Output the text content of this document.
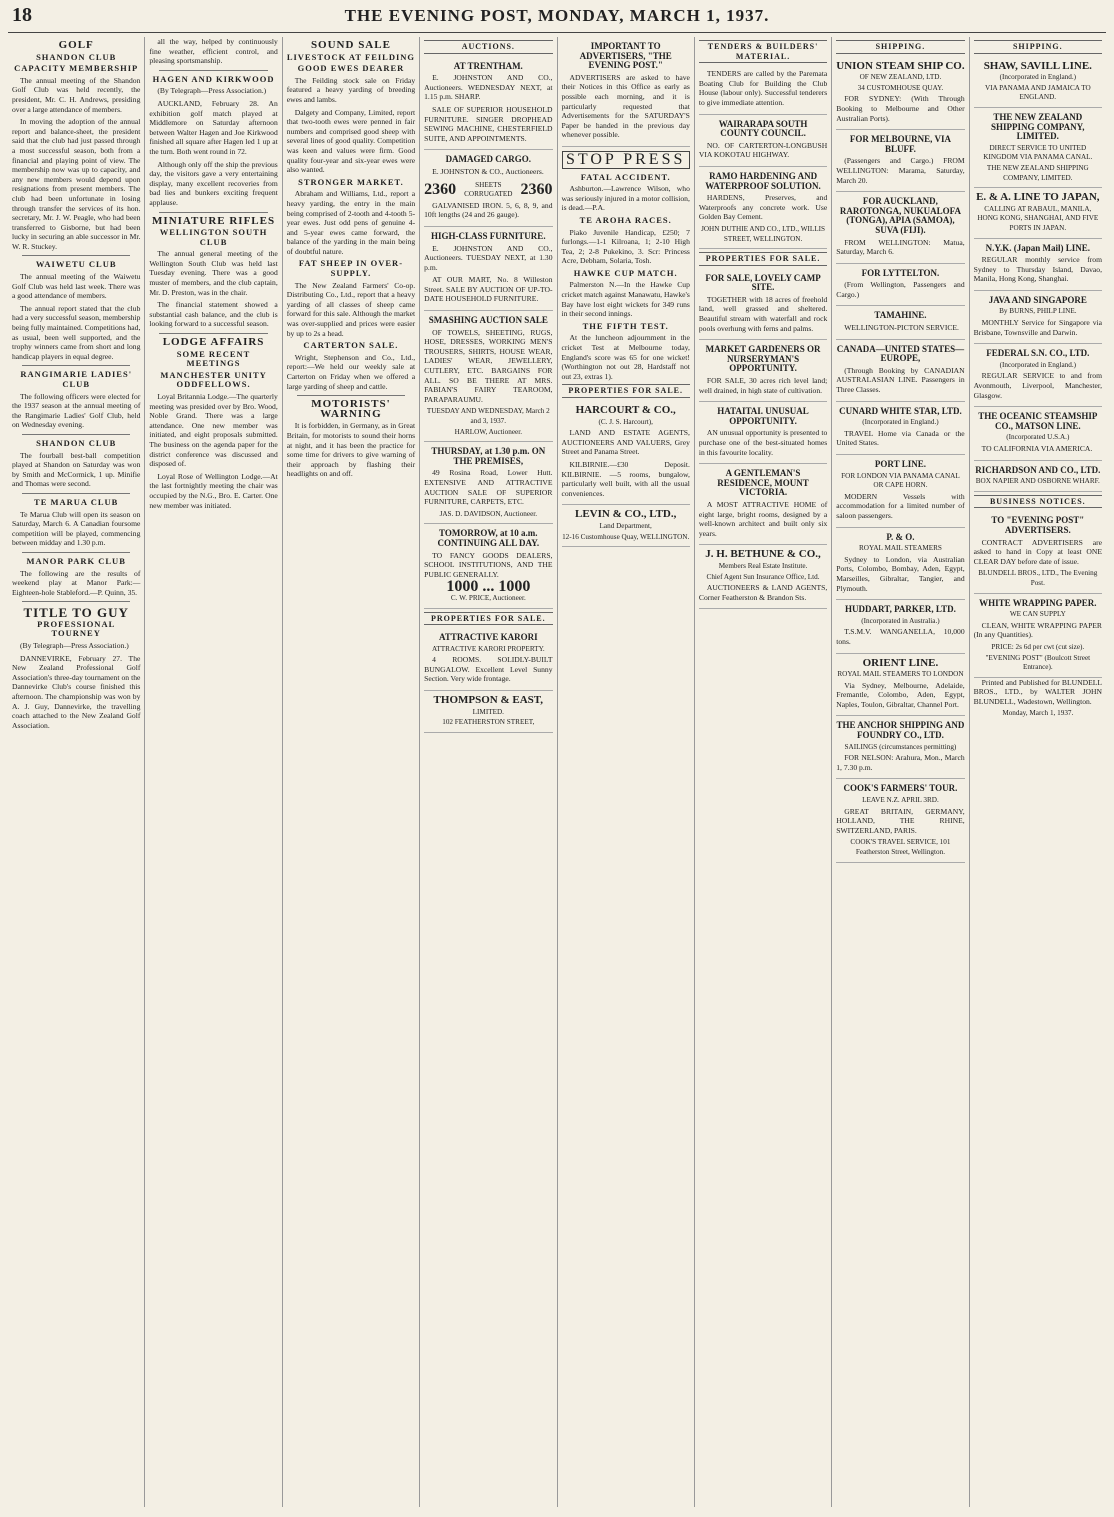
18	THE EVENING POST, MONDAY, MARCH 1, 1937.
GOLF
SHANDON CLUB
CAPACITY MEMBERSHIP

The annual meeting of the Shandon Golf Club was held recently, the president, Mr. C. H. Andrews, presiding over a large attendance of members.

In moving the adoption of the annual report and balance-sheet, the president said that the club had just passed through a most successful season, both from a financial and playing point of view. The membership now was up to capacity, and any new members would depend upon resignations from present members. The club had been unfortunate in losing through transfer the services of its hon. secretary, Mr. J. W. Peagle, who had been transferred to Gisborne, but had been lucky in securing an able successor in Mr. W. R. Stuckey.

WAIWETU CLUB

The annual meeting of the Waiwetu Golf Club was held last week. There was a good attendance of members.

The annual report stated that the club had a very successful season, membership being fully maintained. Competitions had, as usual, been well supported, and the trophy winners came from short and long handicap players in equal degree.

RANGIMARIE LADIES' CLUB

The following officers were elected for the 1937 season at the annual meeting of the Rangimarie Ladies' Golf Club, held on Wednesday evening.

SHANDON CLUB

The fourball best-ball competition played at Shandon on Saturday was won by Smith and McCormick, 1 up. Minifie and Thomas were second.

TE MARUA CLUB

Te Marua Club will open its season on Saturday, March 6. A Canadian foursome competition will be played, commencing between midday and 1.30 p.m.

MANOR PARK CLUB

The following are the results of weekend play at Manor Park:— Eighteen-hole Stableford.—P. Quinn, 35.

TITLE TO GUY
PROFESSIONAL TOURNEY

(By Telegraph—Press Association.)

DANNEVIRKE, February 27. The New Zealand Professional Golf Association's three-day tournament on the Dannevirke Club's course finished this afternoon. The championship was won by A. J. Guy, Dannevirke, the travelling coach attached to the New Zealand Golf Association.

all the way, helped by continuously fine weather, efficient control, and pleasing sportsmanship.

HAGEN AND KIRKWOOD

(By Telegraph—Press Association.)

AUCKLAND, February 28. An exhibition golf match played at Middlemore on Saturday afternoon between Walter Hagen and Joe Kirkwood finished all square after Hagen led 1 up at the turn. Both went round in 72.

Although only off the ship the previous day, the visitors gave a very entertaining display, many excellent recoveries from bad lies and bunkers exciting frequent applause.

MINIATURE RIFLES
WELLINGTON SOUTH CLUB

The annual general meeting of the Wellington South Club was held last Tuesday evening. There was a good muster of members, and the club captain, Mr. D. Preston, was in the chair.

The financial statement showed a substantial cash balance, and the club is looking forward to a successful season.

LODGE AFFAIRS
SOME RECENT MEETINGS
MANCHESTER UNITY ODDFELLOWS.

Loyal Britannia Lodge.—The quarterly meeting was presided over by Bro. Wood, Noble Grand. There was a large attendance. One new member was initiated, and eight proposals submitted. The business on the agenda paper for the district conference was discussed and disposed of.

Loyal Rose of Wellington Lodge.—At the last fortnightly meeting the chair was occupied by the N.G., Bro. E. Carter. One new member was initiated.

SOUND SALE
LIVESTOCK AT FEILDING
GOOD EWES DEARER

The Feilding stock sale on Friday featured a heavy yarding of breeding ewes and lambs.

Dalgety and Company, Limited, report that two-tooth ewes were penned in fair numbers and comprised good sheep with several lines of good quality. Competition was keen and values were firm. Good quality four-year and six-year ewes were also wanted.

STRONGER MARKET.

Abraham and Williams, Ltd., report a heavy yarding, the entry in the main being comprised of 2-tooth and 4-tooth 5-year ewes. Just odd pens of genuine 4- and 5-year ewes came forward, the balance of the yarding in the main being of doubtful nature.

FAT SHEEP IN OVER-SUPPLY.

The New Zealand Farmers' Co-op. Distributing Co., Ltd., report that a heavy yarding of all classes of sheep came forward for this sale. Although the market was over-supplied and prices were easier by up to 2s a head.

CARTERTON SALE.

Wright, Stephenson and Co., Ltd., report:—We held our weekly sale at Carterton on Friday when we offered a large yarding of sheep and cattle.

MOTORISTS' WARNING

It is forbidden, in Germany, as in Great Britain, for motorists to sound their horns at night, and it has been the practice for some time for drivers to give warning of their approach by flashing their headlights on and off.

AUCTIONS.
AT TRENTHAM.

E. JOHNSTON AND CO., Auctioneers. WEDNESDAY NEXT, at 1.15 p.m. SHARP.

SALE OF SUPERIOR HOUSEHOLD FURNITURE. SINGER DROPHEAD SEWING MACHINE, CHESTERFIELD SUITE, AND APPOINTMENTS.

DAMAGED CARGO.

E. JOHNSTON & CO., Auctioneers.

2360	SHEETS CORRUGATED 2360

GALVANISED IRON. 5, 6, 8, 9, and 10ft lengths (24 and 26 gauge).

HIGH-CLASS FURNITURE.

E. JOHNSTON AND CO., Auctioneers. TUESDAY NEXT, at 1.30 p.m.

AT OUR MART, No. 8 Willeston Street. SALE BY AUCTION OF UP-TO-DATE HOUSEHOLD FURNITURE.

SMASHING AUCTION SALE

OF TOWELS, SHEETING, RUGS, HOSE, DRESSES, WORKING MEN'S TROUSERS, SHIRTS, HOUSE WEAR, LADIES' WEAR, JEWELLERY, CUTLERY, ETC. BARGAINS FOR ALL. SO BE THERE AT MRS. FABIAN'S FAIRY TEAROOM, PARAPARAUMU.

TUESDAY AND WEDNESDAY, March 2 and 3, 1937.
HARLOW, Auctioneer.
THURSDAY, at 1.30 p.m. ON THE PREMISES,

49 Rosina Road, Lower Hutt. EXTENSIVE AND ATTRACTIVE AUCTION SALE OF SUPERIOR FURNITURE, CARPETS, ETC.

JAS. D. DAVIDSON, Auctioneer.
TOMORROW, at 10 a.m. CONTINUING ALL DAY.

TO FANCY GOODS DEALERS, SCHOOL INSTITUTIONS, AND THE PUBLIC GENERALLY.

1000 ... 1000
C. W. PRICE, Auctioneer.
PROPERTIES FOR SALE.
ATTRACTIVE KARORI
ATTRACTIVE KARORI PROPERTY.

4 ROOMS. SOLIDLY-BUILT BUNGALOW. Excellent Level Sunny Section. Very wide frontage.

THOMPSON & EAST,
LIMITED.
102 FEATHERSTON STREET,
IMPORTANT TO ADVERTISERS, "THE EVENING POST."

ADVERTISERS are asked to have their Notices in this Office as early as possible each morning, and it is particularly requested that Advertisements for the SATURDAY'S Paper be handed in the previous day whenever possible.

STOP PRESS
FATAL ACCIDENT.

Ashburton.—Lawrence Wilson, who was seriously injured in a motor collision, is dead.—P.A.

TE AROHA RACES.

Piako Juvenile Handicap, £250; 7 furlongs.—1-1 Kilroana, 1; 2-10 High Tea, 2; 2-8 Pukekino, 3. Scr: Princess Acre, Debham, Solaria, Tosh.

HAWKE CUP MATCH.

Palmerston N.—In the Hawke Cup cricket match against Manawatu, Hawke's Bay have lost eight wickets for 349 runs in their second innings.

THE FIFTH TEST.

At the luncheon adjournment in the cricket Test at Melbourne today, England's score was 65 for one wicket! (Worthington not out 28, Hardstaff not out 23, extras 1).

PROPERTIES FOR SALE.
HARCOURT & CO.,
(C. J. S. Harcourt),

LAND AND ESTATE AGENTS, AUCTIONEERS AND VALUERS, Grey Street and Panama Street.

KILBIRNIE.—£30 Deposit. KILBIRNIE. —5 rooms, bungalow, particularly well built, with all the usual conveniences.

LEVIN & CO., LTD.,
Land Department,
12-16 Customhouse Quay, WELLINGTON.
TENDERS & BUILDERS' MATERIAL.

TENDERS are called by the Paremata Boating Club for Building the Club House (labour only). Successful tenderers to give immediate attention.

WAIRARAPA SOUTH COUNTY COUNCIL.

NO. OF CARTERTON-LONGBUSH VIA KOKOTAU HIGHWAY.

RAMO HARDENING AND WATERPROOF SOLUTION.

HARDENS, Preserves, and Waterproofs any concrete work. Use Golden Bay Cement.

JOHN DUTHIE AND CO., LTD., WILLIS STREET, WELLINGTON.
PROPERTIES FOR SALE.
FOR SALE, LOVELY CAMP SITE.

TOGETHER with 18 acres of freehold land, well grassed and sheltered. Beautiful stream with waterfall and rock pools overhung with ferns and palms.

MARKET GARDENERS OR NURSERYMAN'S OPPORTUNITY.

FOR SALE, 30 acres rich level land; well drained, in high state of cultivation.

HATAITAI. UNUSUAL OPPORTUNITY.

AN unusual opportunity is presented to purchase one of the best-situated homes in this favourite locality.

A GENTLEMAN'S RESIDENCE, MOUNT VICTORIA.

A MOST ATTRACTIVE HOME of eight large, bright rooms, designed by a well-known architect and built only six years.

J. H. BETHUNE & CO.,
Members Real Estate Institute.
Chief Agent Sun Insurance Office, Ltd.

AUCTIONEERS & LAND AGENTS, Corner Featherston & Brandon Sts.

SHIPPING.
UNION STEAM SHIP CO.
OF NEW ZEALAND, LTD.
34 CUSTOMHOUSE QUAY.

FOR SYDNEY: (With Through Booking to Melbourne and Other Australian Ports).

FOR MELBOURNE, VIA BLUFF.

(Passengers and Cargo.) FROM WELLINGTON: Marama, Saturday, March 20.

FOR AUCKLAND, RAROTONGA, NUKUALOFA (TONGA), APIA (SAMOA), SUVA (FIJI).

FROM WELLINGTON: Matua, Saturday, March 6.

FOR LYTTELTON.

(From Wellington, Passengers and Cargo.)

TAMAHINE.

WELLINGTON-PICTON SERVICE.

CANADA—UNITED STATES—EUROPE,

(Through Booking by CANADIAN AUSTRALASIAN LINE. Passengers in Three Classes.

CUNARD WHITE STAR, LTD.
(Incorporated in England.)

TRAVEL Home via Canada or the United States.

PORT LINE.
FOR LONDON VIA PANAMA CANAL OR CAPE HORN.

MODERN Vessels with accommodation for a limited number of saloon passengers.

P. & O.
ROYAL MAIL STEAMERS

Sydney to London, via Australian Ports, Colombo, Bombay, Aden, Egypt, Marseilles, Gibraltar, Tangier, and Plymouth.

HUDDART, PARKER, LTD.
(Incorporated in Australia.)

T.S.M.V. WANGANELLA, 10,000 tons.

ORIENT LINE.
ROYAL MAIL STEAMERS TO LONDON

Via Sydney, Melbourne, Adelaide, Fremantle, Colombo, Aden, Egypt, Naples, Toulon, Gibraltar, Channel Port.

THE ANCHOR SHIPPING AND FOUNDRY CO., LTD.
SAILINGS (circumstances permitting)

FOR NELSON: Arahura, Mon., March 1, 7.30 p.m.

COOK'S FARMERS' TOUR.
LEAVE N.Z. APRIL 3RD.

GREAT BRITAIN, GERMANY, HOLLAND, THE RHINE, SWITZERLAND, PARIS.

COOK'S TRAVEL SERVICE, 101 Featherston Street, Wellington.
SHIPPING.
SHAW, SAVILL LINE.
(Incorporated in England.)
VIA PANAMA AND JAMAICA TO ENGLAND.
THE NEW ZEALAND SHIPPING COMPANY, LIMITED.
DIRECT SERVICE TO UNITED KINGDOM VIA PANAMA CANAL.
THE NEW ZEALAND SHIPPING COMPANY, LIMITED.
E. & A. LINE TO JAPAN,
CALLING AT RABAUL, MANILA, HONG KONG, SHANGHAI, AND FIVE PORTS IN JAPAN.
N.Y.K. (Japan Mail) LINE.

REGULAR monthly service from Sydney to Thursday Island, Davao, Manila, Hong Kong, Shanghai.

JAVA AND SINGAPORE
By BURNS, PHILP LINE.

MONTHLY Service for Singapore via Brisbane, Townsville and Darwin.

FEDERAL S.N. CO., LTD.
(Incorporated in England.)

REGULAR SERVICE to and from Avonmouth, Liverpool, Manchester, Glasgow.

THE OCEANIC STEAMSHIP CO., MATSON LINE.
(Incorporated U.S.A.)

TO CALIFORNIA VIA AMERICA.

RICHARDSON AND CO., LTD.
BOX NAPIER AND OSBORNE WHARF.
BUSINESS NOTICES.
TO "EVENING POST" ADVERTISERS.

CONTRACT ADVERTISERS are asked to hand in Copy at least ONE CLEAR DAY before date of issue.

BLUNDELL BROS., LTD., The Evening Post.
WHITE WRAPPING PAPER.
WE CAN SUPPLY

CLEAN, WHITE WRAPPING PAPER (In any Quantities).

PRICE: 2s 6d per cwt (cut size).
"EVENING POST" (Boulcott Street Entrance).

Printed and Published for BLUNDELL BROS., LTD., by WALTER JOHN BLUNDELL, Wadestown, Wellington.

Monday, March 1, 1937.
